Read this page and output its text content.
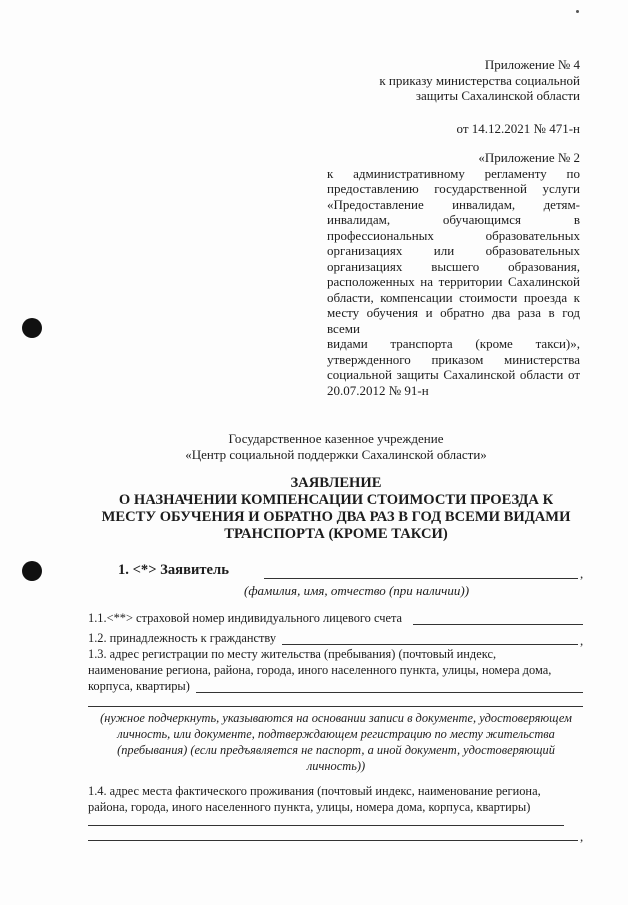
Приложение № 4
к приказу министерства социальной
защиты Сахалинской области
от 14.12.2021 № 471-н
«Приложение № 2
к административному регламенту по
предоставлению государственной услуги
«Предоставление инвалидам, детям-
инвалидам, обучающимся в
профессиональных образовательных
организациях или образовательных
организациях высшего образования,
расположенных на территории Сахалинской
области, компенсации стоимости проезда к
месту обучения и обратно два раза в год всеми
видами транспорта (кроме такси)»,
утвержденного приказом министерства
социальной защиты Сахалинской области от
20.07.2012 № 91-н
Государственное казенное учреждение
«Центр социальной поддержки Сахалинской области»
ЗАЯВЛЕНИЕ
О НАЗНАЧЕНИИ КОМПЕНСАЦИИ СТОИМОСТИ ПРОЕЗДА К
МЕСТУ ОБУЧЕНИЯ И ОБРАТНО ДВА РАЗ В ГОД ВСЕМИ ВИДАМИ
ТРАНСПОРТА (КРОМЕ ТАКСИ)
1. <*> Заявитель	,
(фамилия, имя, отчество (при наличии))
1.1.<**> страховой номер индивидуального лицевого счета
1.2. принадлежность к гражданству	,
1.3. адрес регистрации по месту жительства (пребывания) (почтовый индекс,
наименование региона, района, города, иного населенного пункта, улицы, номера дома,
корпуса, квартиры)
(нужное подчеркнуть, указываются на основании записи в документе, удостоверяющем
личность, или документе, подтверждающем регистрацию по месту жительства
(пребывания) (если предъявляется не паспорт, а иной документ, удостоверяющий
личность))
1.4. адрес места фактического проживания (почтовый индекс, наименование региона,
района, города, иного населенного пункта, улицы, номера дома, корпуса, квартиры)
,
